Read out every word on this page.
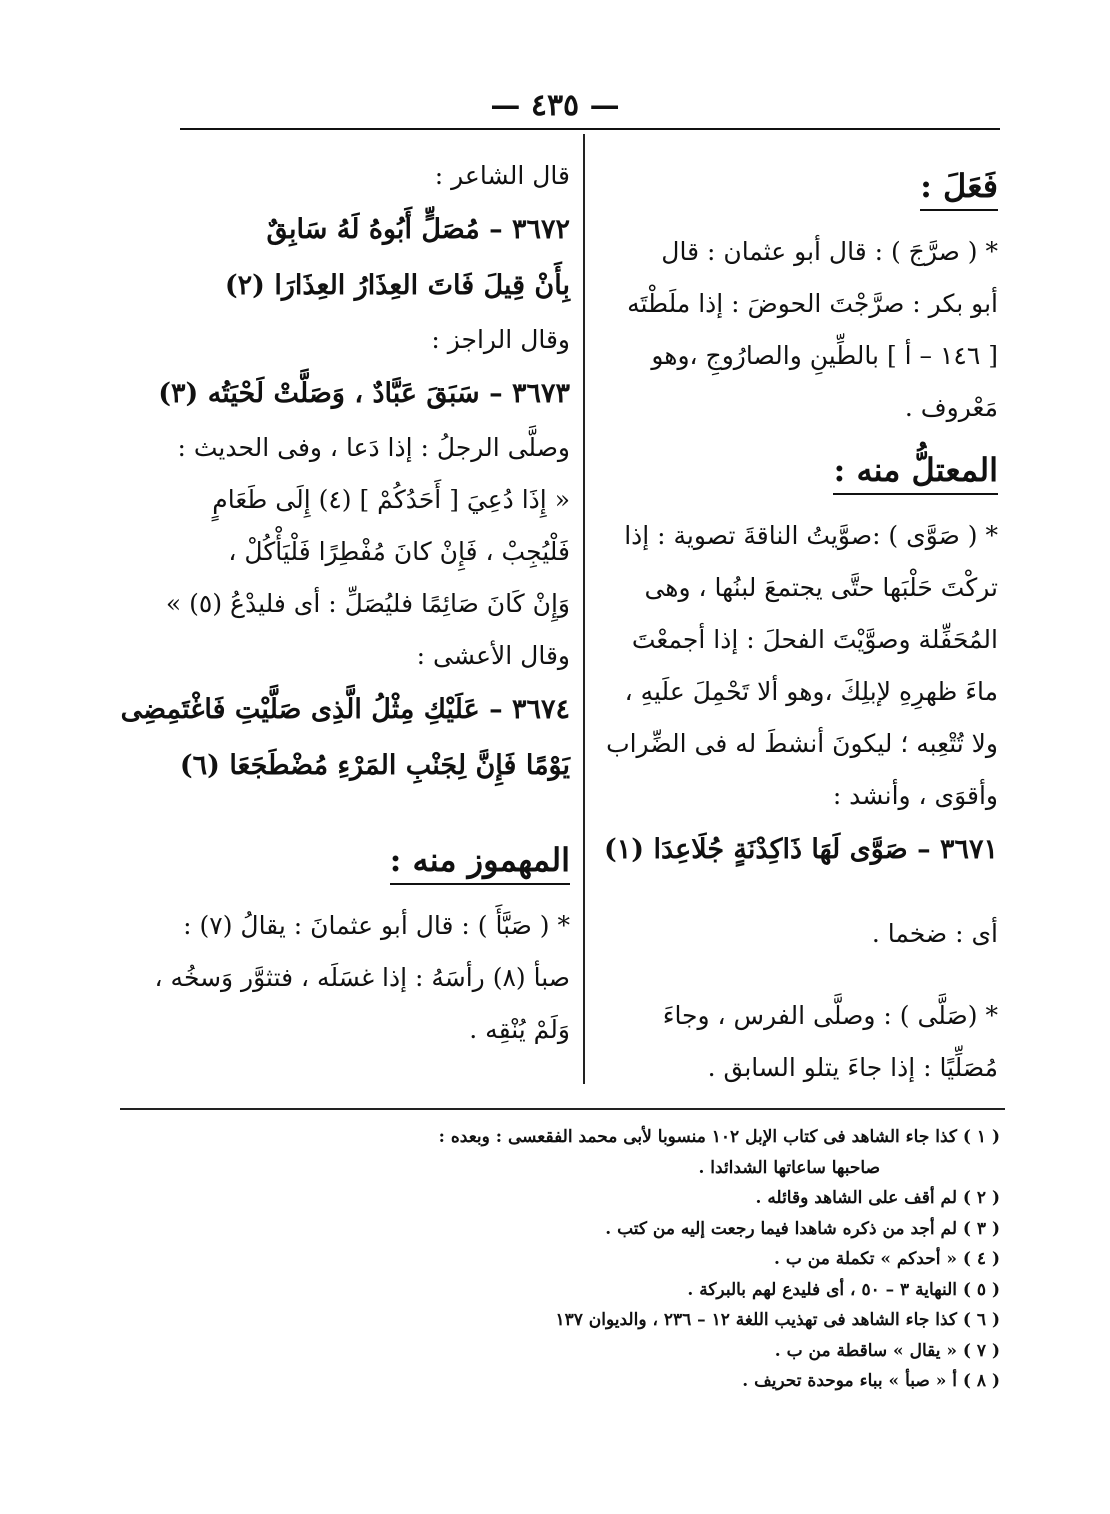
— ٤٣٥ —
فَعَلَ :
* ( صرَّجَ ) : قال أبو عثمان : قال
أبو بكر : صرَّجْتَ الحوضَ : إذا ملَطْتَه
[ ١٤٦ – أ ] بالطِّينِ والصارُوجِ ،وهو
مَعْروف .
المعتلُّ منه :
* ( صَوَّى ) :صوَّيتُ الناقةَ تصوية : إذا
تركْتَ حَلْبَها حتَّى يجتمعَ لبنُها ، وهى
المُحَفِّلة وصوَّيْتَ الفحلَ : إذا أجمعْتَ
ماءَ ظهرِهِ لإبلِكَ ،وهو ألا تَحْمِلَ علَيهِ ،
ولا تُتْعِبه ؛ ليكونَ أنشطَ له فى الضِّراب
وأقوَى ، وأنشد :
٣٦٧١ – صَوَّى لَهَا ذَاكِدْنَةٍ جُلَاعِدَا (١)
أى : ضخما .
* (صَلَّى ) : وصلَّى الفرس ، وجاءَ
مُصَلِّيًا : إذا جاءَ يتلو السابق .
قال الشاعر :
٣٦٧٢ – مُصَلٍّ أَبُوهُ لَهُ سَابِقٌ
بِأَنْ قِيلَ فَاتَ العِذَارُ العِذَارَا (٢)
وقال الراجز :
٣٦٧٣ – سَبَقَ عَبَّادٌ ، وَصَلَّتْ لَحْيَتُه (٣)
وصلَّى الرجلُ : إذا دَعا ، وفى الحديث :
« إِذَا دُعِيَ [ أَحَدُكُمْ ] (٤) إِلَى طَعَامٍ
فَلْيُجِبْ ، فَإِنْ كانَ مُفْطِرًا فَلْيَأْكُلْ ،
وَإِنْ كَانَ صَائِمًا فليُصَلِّ : أى فليدْعُ (٥) »
وقال الأعشى :
٣٦٧٤ – عَلَيْكِ مِثْلُ الَّذِى صَلَّيْتِ فَاغْتَمِضِى
يَوْمًا فَإِنَّ لِجَنْبِ المَرْءِ مُضْطَجَعَا (٦)
المهموز منه :
* ( صَبَّأَ ) : قال أبو عثمانَ : يقالُ (٧) :
صبأ (٨) رأسَهُ : إذا غسَلَه ، فتثوَّر وَسخُه ،
وَلَمْ يُنْقِه .
( ١ ) كذا جاء الشاهد فى كتاب الإبل ١٠٢ منسوبا لأبى محمد الفقعسى : وبعده :
صاحبها ساعاتها الشدائدا .
( ٢ ) لم أقف على الشاهد وقائله .
( ٣ ) لم أجد من ذكره شاهدا فيما رجعت إليه من كتب .
( ٤ ) « أحدكم » تكملة من ب .
( ٥ ) النهاية ٣ – ٥٠ ، أى فليدع لهم بالبركة .
( ٦ ) كذا جاء الشاهد فى تهذيب اللغة ١٢ – ٢٣٦ ، والديوان ١٣٧
( ٧ ) « يقال » ساقطة من ب .
( ٨ ) أ « صبأ » بباء موحدة تحريف .
